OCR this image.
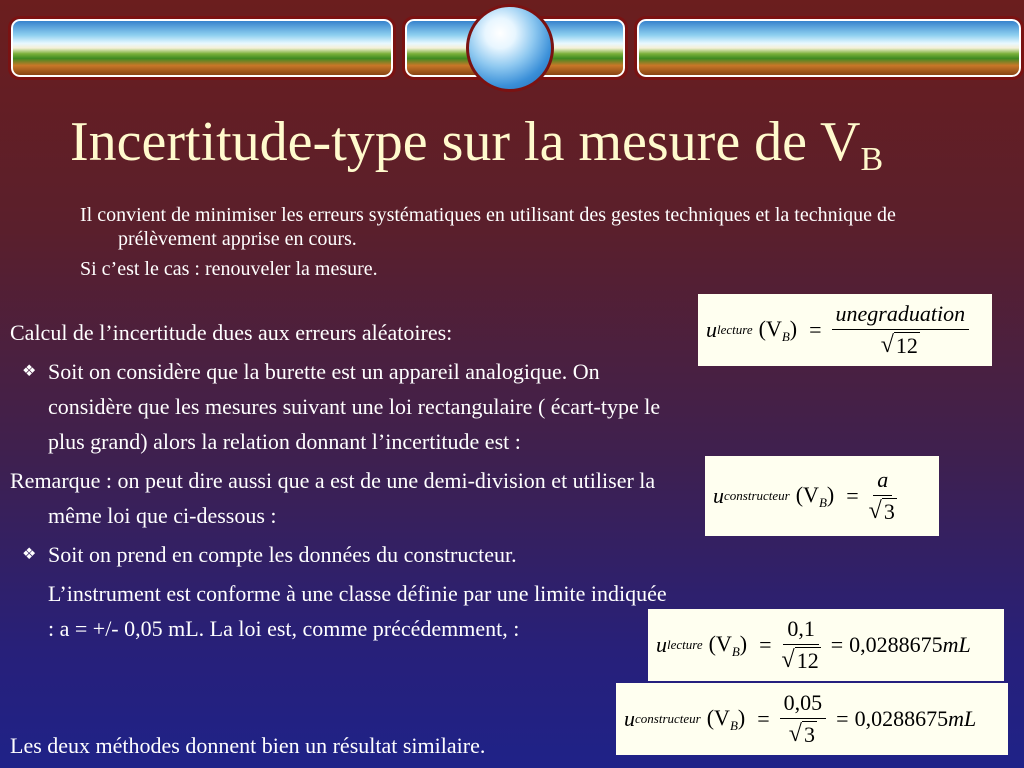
Incertitude-type sur la mesure de $V_B$

Il convient de minimiser les erreurs systématiques en utilisant des gestes techniques et la technique de prélèvement apprise en cours.

Si c’est le cas : renouveler la mesure.

Calcul de l’incertitude dues aux erreurs aléatoires:

❖ Soit on considère que la burette est un appareil analogique. On considère que les mesures suivant une loi rectangulaire ( écart-type le plus grand) alors la relation donnant l’incertitude est :

Remarque : on peut dire aussi que a est de une demi-division et utiliser la même loi que ci-dessous :

❖ Soit on prend en compte les données du constructeur.

L’instrument est conforme à une classe définie par une limite indiquée : a = +/- 0,05 mL. La loi est, comme précédemment, :

Les deux méthodes donnent bien un résultat similaire.
u lecture $(V_B) = \frac{\text{unegraduation}}{√ 12}$
u constructeur $(V_B) = \frac{a}{√ 3}$
u lecture $(V_B) = \frac{0,1}{√ 12} = 0,0288675$ mL
u constructeur $(V_B) = \frac{0,05}{√ 3} = 0,0288675$ mL
